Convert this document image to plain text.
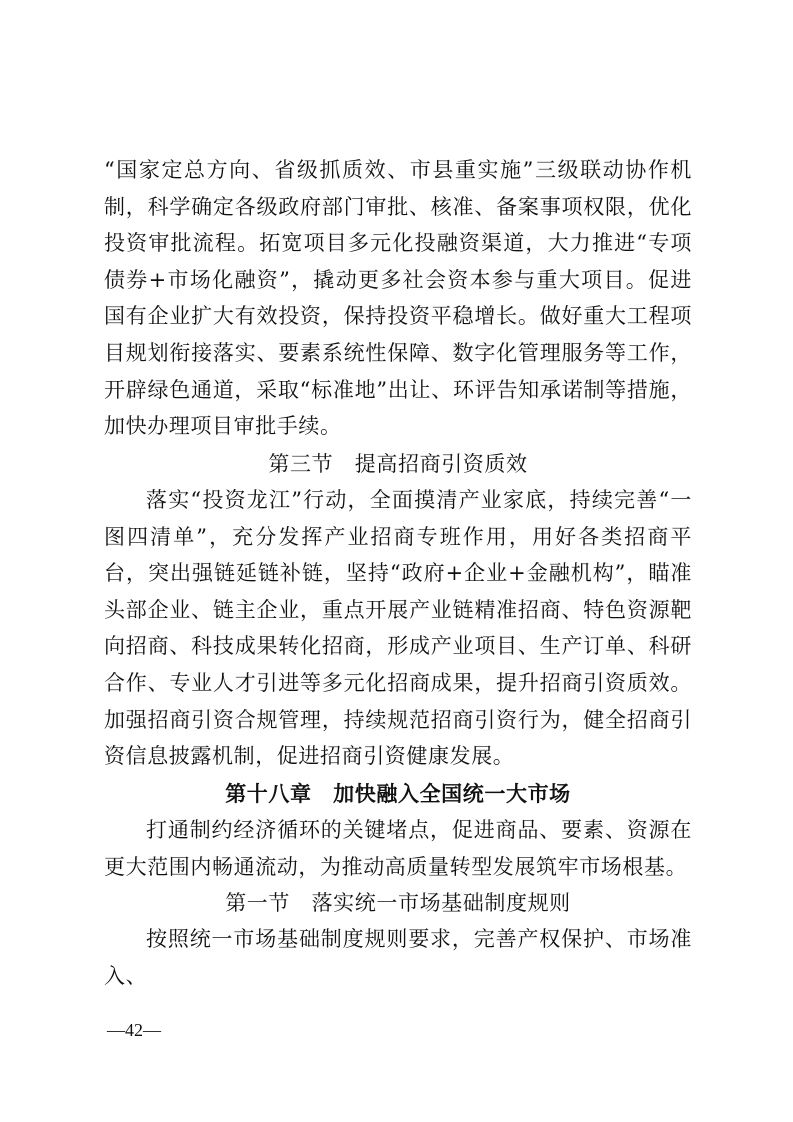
“国家定总方向、省级抓质效、市县重实施”三级联动协作机制，科学确定各级政府部门审批、核准、备案事项权限，优化投资审批流程。拓宽项目多元化投融资渠道，大力推进“专项债券+市场化融资”，撬动更多社会资本参与重大项目。促进国有企业扩大有效投资，保持投资平稳增长。做好重大工程项目规划衔接落实、要素系统性保障、数字化管理服务等工作，开辟绿色通道，采取“标准地”出让、环评告知承诺制等措施，加快办理项目审批手续。
第三节　提高招商引资质效
落实“投资龙江”行动，全面摸清产业家底，持续完善“一图四清单”，充分发挥产业招商专班作用，用好各类招商平台，突出强链延链补链，坚持“政府+企业+金融机构”，瞄准头部企业、链主企业，重点开展产业链精准招商、特色资源靶向招商、科技成果转化招商，形成产业项目、生产订单、科研合作、专业人才引进等多元化招商成果，提升招商引资质效。加强招商引资合规管理，持续规范招商引资行为，健全招商引资信息披露机制，促进招商引资健康发展。
第十八章　加快融入全国统一大市场
打通制约经济循环的关键堵点，促进商品、要素、资源在更大范围内畅通流动，为推动高质量转型发展筑牢市场根基。
第一节　落实统一市场基础制度规则
按照统一市场基础制度规则要求，完善产权保护、市场准入、
—42—
